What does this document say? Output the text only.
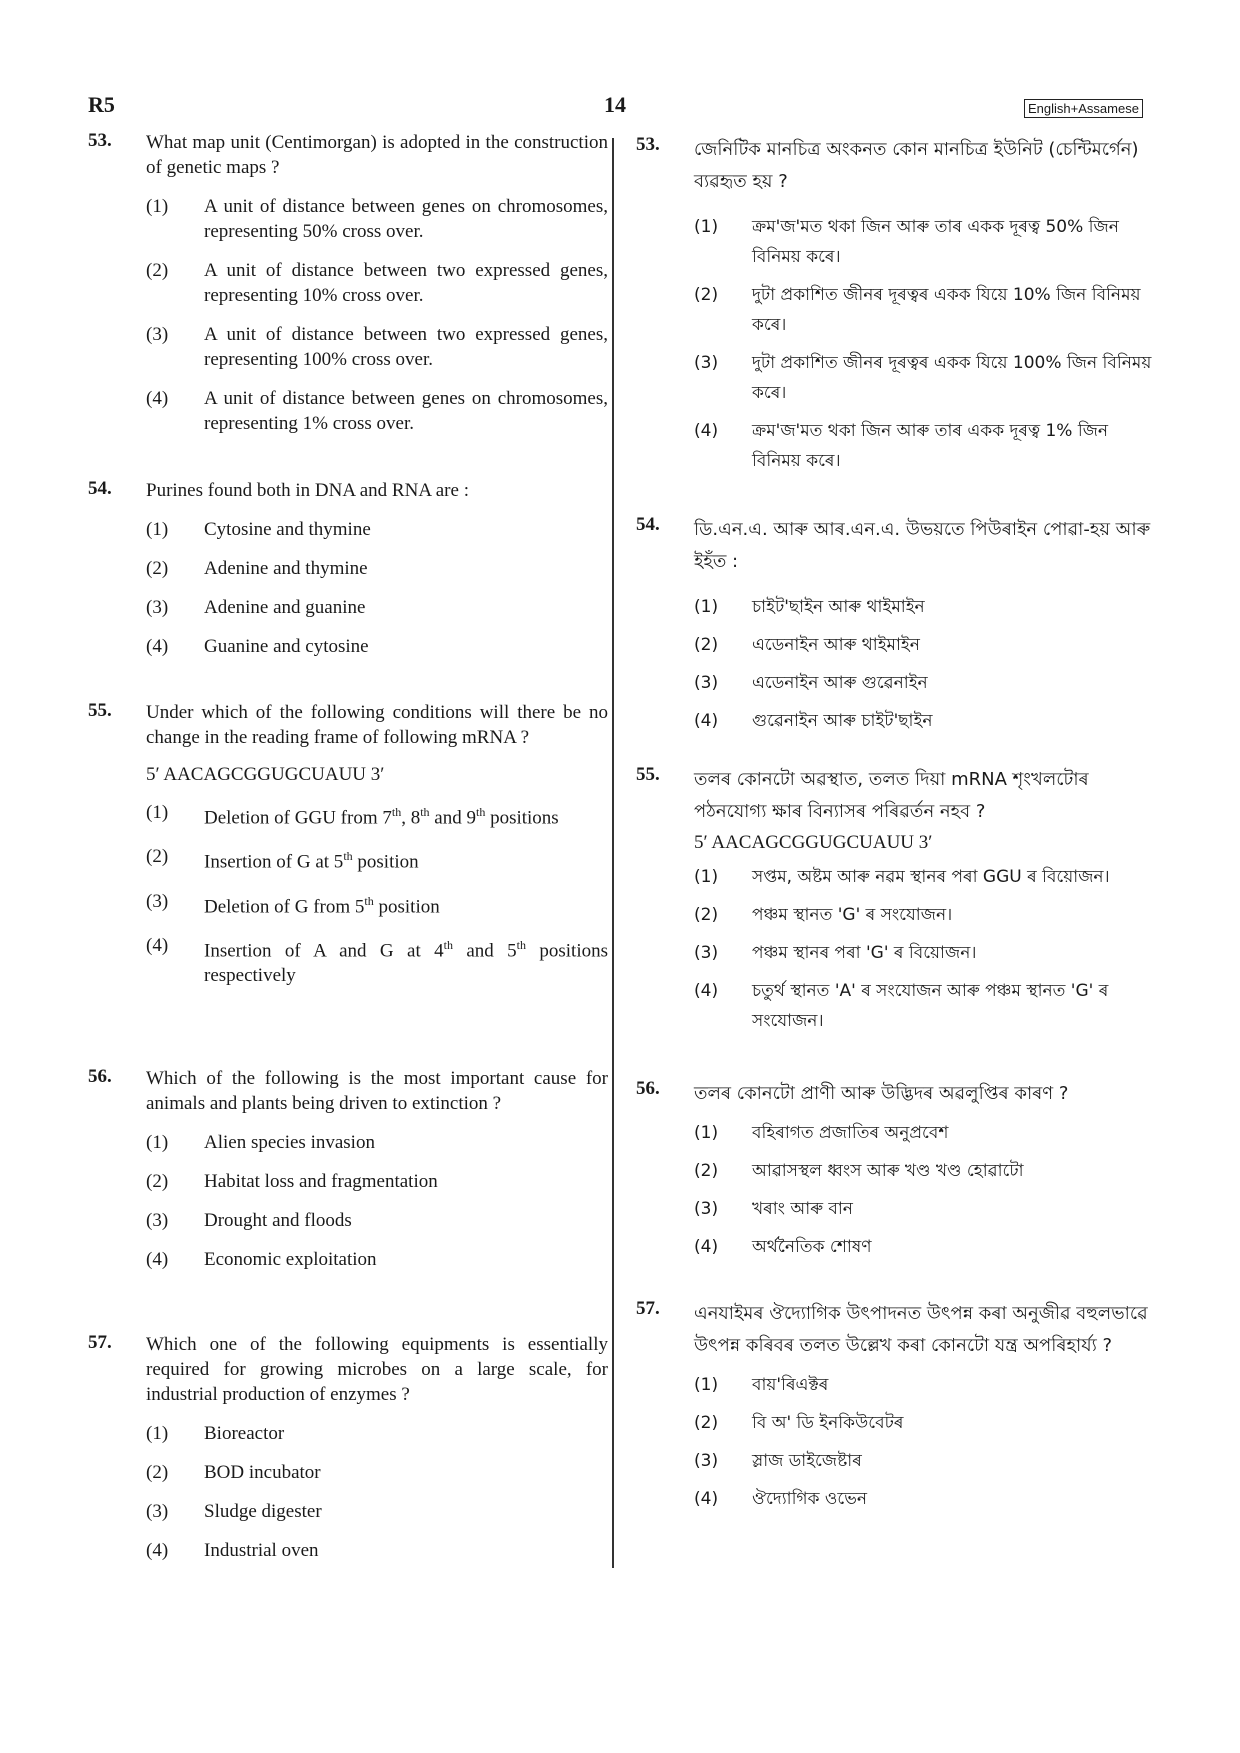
R5	14	English+Assamese
53. What map unit (Centimorgan) is adopted in the construction of genetic maps ?
(1)	A unit of distance between genes on chromosomes, representing 50% cross over.
(2)	A unit of distance between two expressed genes, representing 10% cross over.
(3)	A unit of distance between two expressed genes, representing 100% cross over.
(4)	A unit of distance between genes on chromosomes, representing 1% cross over.
54. Purines found both in DNA and RNA are :
(1)	Cytosine and thymine
(2)	Adenine and thymine
(3)	Adenine and guanine
(4)	Guanine and cytosine
55. Under which of the following conditions will there be no change in the reading frame of following mRNA ?
5′ AACAGCGGUGCUAUU 3′
(1)	Deletion of GGU from 7th, 8th and 9th positions
(2)	Insertion of G at 5th position
(3)	Deletion of G from 5th position
(4)	Insertion of A and G at 4th and 5th positions respectively
56. Which of the following is the most important cause for animals and plants being driven to extinction ?
(1)	Alien species invasion
(2)	Habitat loss and fragmentation
(3)	Drought and floods
(4)	Economic exploitation
57. Which one of the following equipments is essentially required for growing microbes on a large scale, for industrial production of enzymes ?
(1)	Bioreactor
(2)	BOD incubator
(3)	Sludge digester
(4)	Industrial oven
53. জেনিটিক মানচিত্ৰ অংকনত কোন মানচিত্ৰ ইউনিট (চেন্টিমৰ্গেন) ব্যৱহৃত হয় ?
(1)	ক্ৰম'জ'মত থকা জিন আৰু তাৰ একক দূৰত্ব 50% জিন বিনিময় কৰে।
(2)	দুটা প্ৰকাশিত জীনৰ দূৰত্বৰ একক যিয়ে 10% জিন বিনিময় কৰে।
(3)	দুটা প্ৰকাশিত জীনৰ দূৰত্বৰ একক যিয়ে 100% জিন বিনিময় কৰে।
(4)	ক্ৰম'জ'মত থকা জিন আৰু তাৰ একক দূৰত্ব 1% জিন বিনিময় কৰে।
54. ডি.এন.এ. আৰু আৰ.এন.এ. উভয়তে পিউৰাইন পোৱা-হয় আৰু ইহঁত :
(1)	চাইট'ছাইন আৰু থাইমাইন
(2)	এডেনাইন আৰু থাইমাইন
(3)	এডেনাইন আৰু গুৱেনাইন
(4)	গুৱেনাইন আৰু চাইট'ছাইন
55. তলৰ কোনটো অৱস্থাত, তলত দিয়া mRNA শৃংখলটোৰ পঠনযোগ্য ক্ষাৰ বিন্যাসৰ পৰিৱৰ্তন নহব ?
5′ AACAGCGGUGCUAUU 3′
(1)	সপ্তম, অষ্টম আৰু নৱম স্থানৰ পৰা GGU ৰ বিয়োজন।
(2)	পঞ্চম স্থানত 'G' ৰ সংযোজন।
(3)	পঞ্চম স্থানৰ পৰা 'G' ৰ বিয়োজন।
(4)	চতুৰ্থ স্থানত 'A' ৰ সংযোজন আৰু পঞ্চম স্থানত 'G' ৰ সংযোজন।
56. তলৰ কোনটো প্ৰাণী আৰু উদ্ভিদৰ অৱলুপ্তিৰ কাৰণ ?
(1)	বহিৰাগত প্ৰজাতিৰ অনুপ্ৰবেশ
(2)	আৱাসস্থল ধ্বংস আৰু খণ্ড খণ্ড হোৱাটো
(3)	খৰাং আৰু বান
(4)	অৰ্থনৈতিক শোষণ
57. এনযাইমৰ ঔদ্যোগিক উৎপাদনত উৎপন্ন কৰা অনুজীৱ বহুলভাৱে উৎপন্ন কৰিবৰ তলত উল্লেখ কৰা কোনটো যন্ত্ৰ অপৰিহাৰ্য্য ?
(1)	বায়'ৰিএক্টৰ
(2)	বি অ' ডি ইনকিউবেটৰ
(3)	স্লাজ ডাইজেষ্টাৰ
(4)	ঔদ্যোগিক ওভেন
